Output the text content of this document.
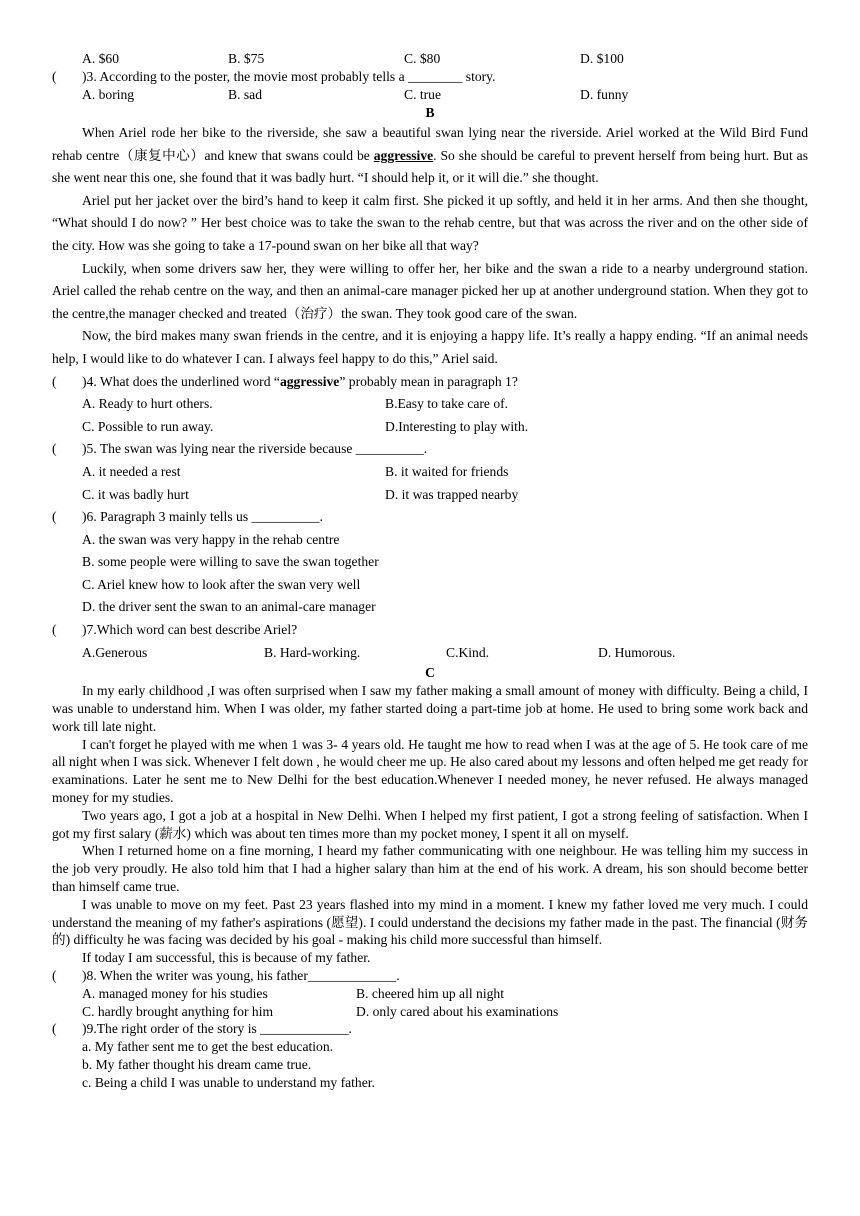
A. $60	B. $75	C. $80	D. $100
( )3. According to the poster, the movie most probably tells a ________ story.
A. boring	B. sad	C. true	D. funny
B

When Ariel rode her bike to the riverside, she saw a beautiful swan lying near the riverside. Ariel worked at the Wild Bird Fund rehab centre（康复中心）and knew that swans could be aggressive. So she should be careful to prevent herself from being hurt. But as she went near this one, she found that it was badly hurt. “I should help it, or it will die.” she thought.

Ariel put her jacket over the bird’s hand to keep it calm first. She picked it up softly, and held it in her arms. And then she thought, “What should I do now? ” Her best choice was to take the swan to the rehab centre, but that was across the river and on the other side of the city. How was she going to take a 17-pound swan on her bike all that way?

Luckily, when some drivers saw her, they were willing to offer her, her bike and the swan a ride to a nearby underground station. Ariel called the rehab centre on the way, and then an animal-care manager picked her up at another underground station. When they got to the centre,the manager checked and treated（治疗）the swan. They took good care of the swan.

Now, the bird makes many swan friends in the centre, and it is enjoying a happy life. It’s really a happy ending. “If an animal needs help, I would like to do whatever I can. I always feel happy to do this,” Ariel said.

( )4. What does the underlined word “aggressive” probably mean in paragraph 1?
A. Ready to hurt others.	B.Easy to take care of.
C. Possible to run away.	D.Interesting to play with.
( )5. The swan was lying near the riverside because __________.
A. it needed a rest	B. it waited for friends
C. it was badly hurt	D. it was trapped nearby
( )6. Paragraph 3 mainly tells us __________.
A. the swan was very happy in the rehab centre
B. some people were willing to save the swan together
C. Ariel knew how to look after the swan very well
D. the driver sent the swan to an animal-care manager
( )7.Which word can best describe Ariel?
A.Generous	B. Hard-working.	C.Kind.	D. Humorous.
C

In my early childhood ,I was often surprised when I saw my father making a small amount of money with difficulty. Being a child, I was unable to understand him. When I was older, my father started doing a part-time job at home. He used to bring some work back and work till late night.

I can't forget he played with me when 1 was 3- 4 years old. He taught me how to read when I was at the age of 5. He took care of me all night when I was sick. Whenever I felt down , he would cheer me up. He also cared about my lessons and often helped me get ready for examinations. Later he sent me to New Delhi for the best education.Whenever I needed money, he never refused. He always managed money for my studies.

Two years ago, I got a job at a hospital in New Delhi. When I helped my first patient, I got a strong feeling of satisfaction. When I got my first salary (薪水) which was about ten times more than my pocket money, I spent it all on myself.

When I returned home on a fine morning, I heard my father communicating with one neighbour. He was telling him my success in the job very proudly. He also told him that I had a higher salary than him at the end of his work. A dream, his son should become better than himself came true.

I was unable to move on my feet. Past 23 years flashed into my mind in a moment. I knew my father loved me very much. I could understand the meaning of my father's aspirations (愿望). I could understand the decisions my father made in the past. The financial (财务的) difficulty he was facing was decided by his goal - making his child more successful than himself.

If today I am successful, this is because of my father.

( )8. When the writer was young, his father_____________.
A. managed money for his studies	B. cheered him up all night
C. hardly brought anything for him	D. only cared about his examinations
( )9.The right order of the story is _____________.
a. My father sent me to get the best education.
b. My father thought his dream came true.
c. Being a child I was unable to understand my father.
